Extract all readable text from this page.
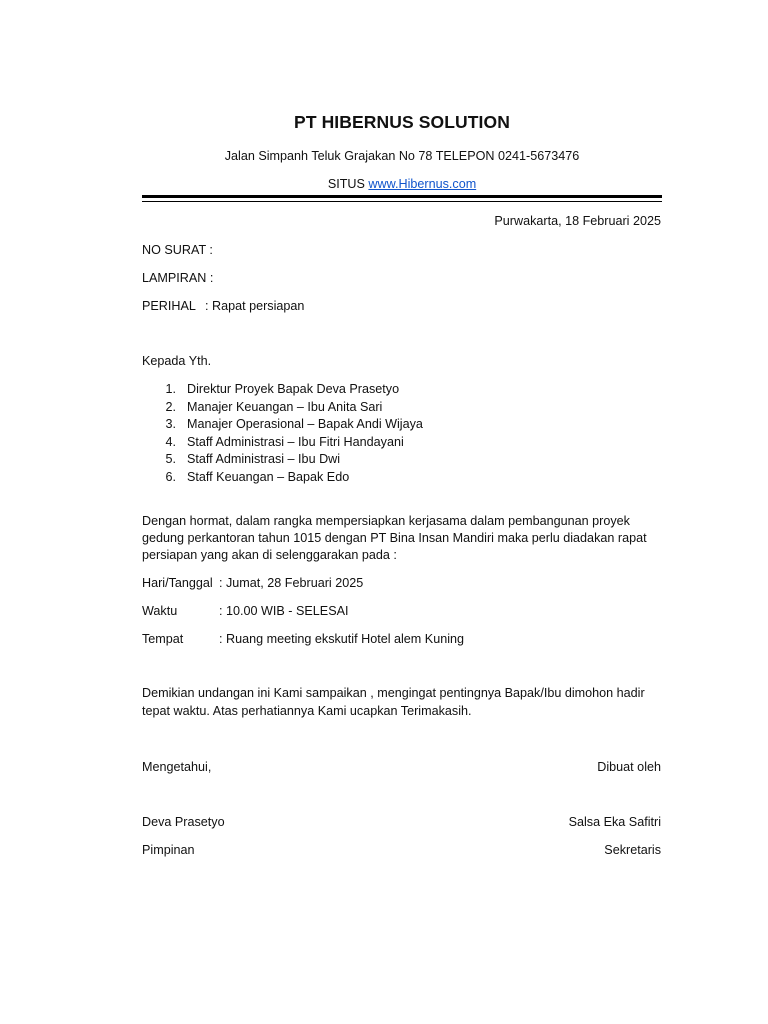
PT HIBERNUS SOLUTION
Jalan Simpanh Teluk Grajakan No 78 TELEPON 0241-5673476
SITUS www.Hibernus.com
Purwakarta, 18 Februari 2025
NO SURAT :
LAMPIRAN :
PERIHAL : Rapat persiapan
Kepada Yth.
1. Direktur Proyek Bapak Deva Prasetyo
2. Manajer Keuangan – Ibu Anita Sari
3. Manajer Operasional – Bapak Andi Wijaya
4. Staff Administrasi – Ibu Fitri Handayani
5. Staff Administrasi – Ibu Dwi
6. Staff Keuangan – Bapak Edo
Dengan hormat, dalam rangka mempersiapkan kerjasama dalam pembangunan proyek
gedung perkantoran tahun 1015 dengan PT Bina Insan Mandiri maka perlu diadakan rapat
persiapan yang akan di selenggarakan pada :
Hari/Tanggal : Jumat, 28 Februari 2025
Waktu	: 10.00 WIB - SELESAI
Tempat	: Ruang meeting ekskutif Hotel alem Kuning
Demikian undangan ini Kami sampaikan , mengingat pentingnya Bapak/Ibu dimohon hadir
tepat waktu. Atas perhatiannya Kami ucapkan Terimakasih.
Mengetahui,	Dibuat oleh
Deva Prasetyo	Salsa Eka Safitri
Pimpinan	Sekretaris
